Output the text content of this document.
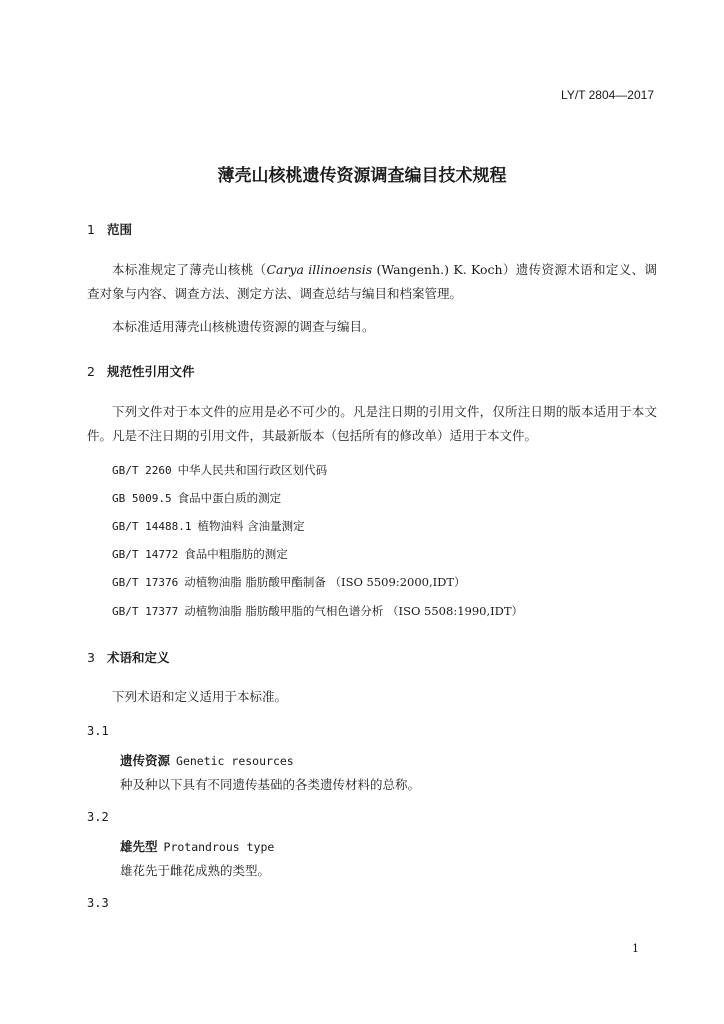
LY/T 2804—2017
薄壳山核桃遗传资源调查编目技术规程
1 范围
本标准规定了薄壳山核桃（Carya illinoensis (Wangenh.) K. Koch）遗传资源术语和定义、调查对象与内容、调查方法、测定方法、调查总结与编目和档案管理。
本标准适用薄壳山核桃遗传资源的调查与编目。
2 规范性引用文件
下列文件对于本文件的应用是必不可少的。凡是注日期的引用文件，仅所注日期的版本适用于本文件。凡是不注日期的引用文件，其最新版本（包括所有的修改单）适用于本文件。
GB/T 2260 中华人民共和国行政区划代码
GB 5009.5 食品中蛋白质的测定
GB/T 14488.1 植物油料 含油量测定
GB/T 14772 食品中粗脂肪的测定
GB/T 17376 动植物油脂 脂肪酸甲酯制备 （ISO 5509:2000,IDT）
GB/T 17377 动植物油脂 脂肪酸甲脂的气相色谱分析 （ISO 5508:1990,IDT）
3 术语和定义
下列术语和定义适用于本标准。
3.1
遗传资源 Genetic resources
种及种以下具有不同遗传基础的各类遗传材料的总称。
3.2
雄先型 Protandrous type
雄花先于雌花成熟的类型。
3.3
1
